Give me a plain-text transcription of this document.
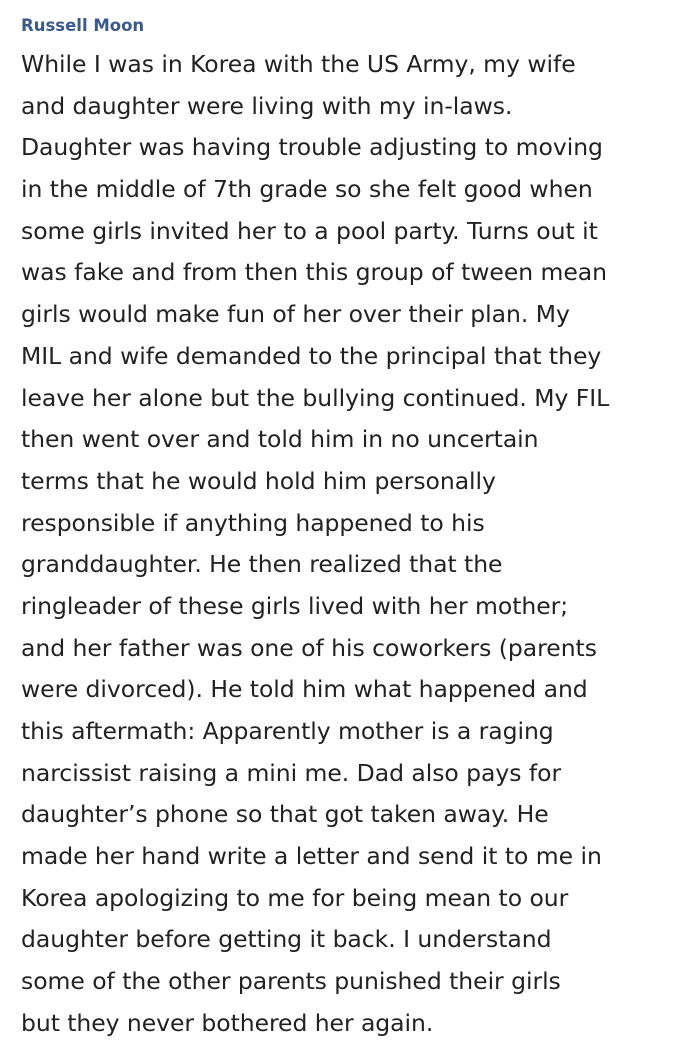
Russell Moon
While I was in Korea with the US Army, my wife
and daughter were living with my in-laws.
Daughter was having trouble adjusting to moving
in the middle of 7th grade so she felt good when
some girls invited her to a pool party. Turns out it
was fake and from then this group of tween mean
girls would make fun of her over their plan. My
MIL and wife demanded to the principal that they
leave her alone but the bullying continued. My FIL
then went over and told him in no uncertain
terms that he would hold him personally
responsible if anything happened to his
granddaughter. He then realized that the
ringleader of these girls lived with her mother;
and her father was one of his coworkers (parents
were divorced). He told him what happened and
this aftermath: Apparently mother is a raging
narcissist raising a mini me. Dad also pays for
daughter’s phone so that got taken away. He
made her hand write a letter and send it to me in
Korea apologizing to me for being mean to our
daughter before getting it back. I understand
some of the other parents punished their girls
but they never bothered her again.
